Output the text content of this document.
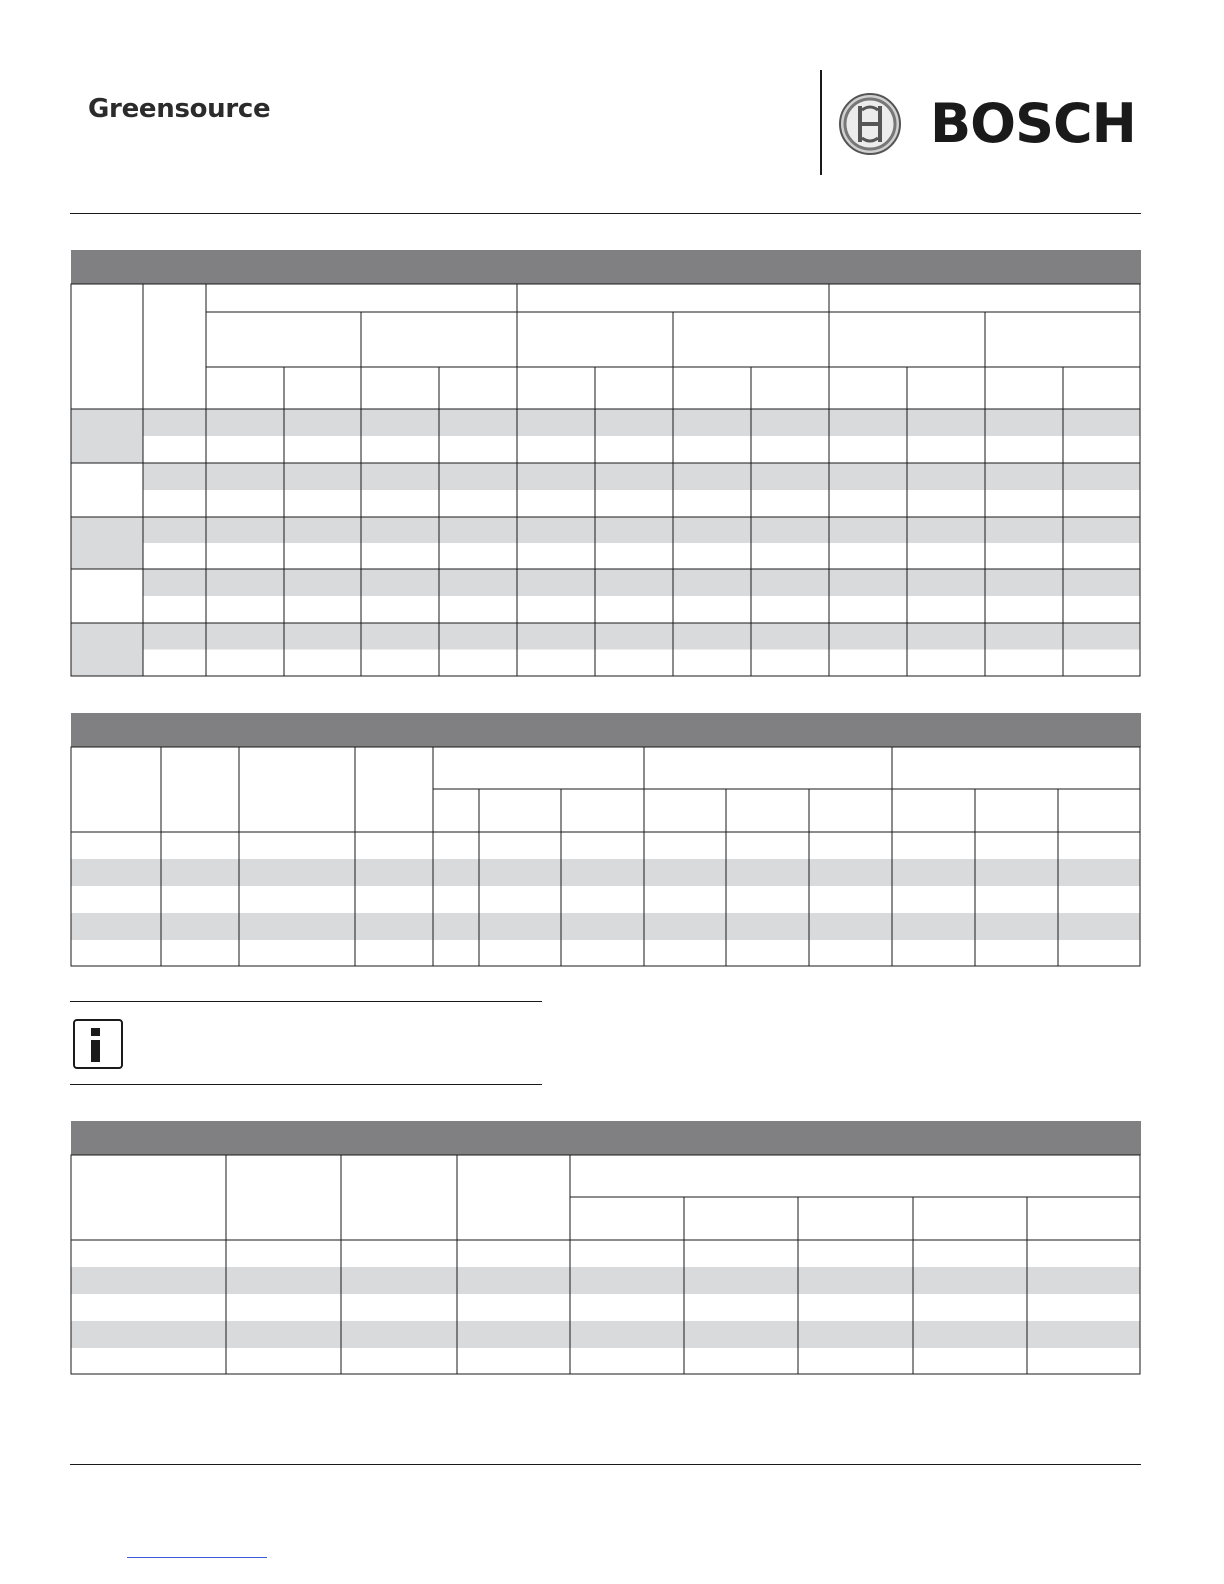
Greensource	BOSCH
